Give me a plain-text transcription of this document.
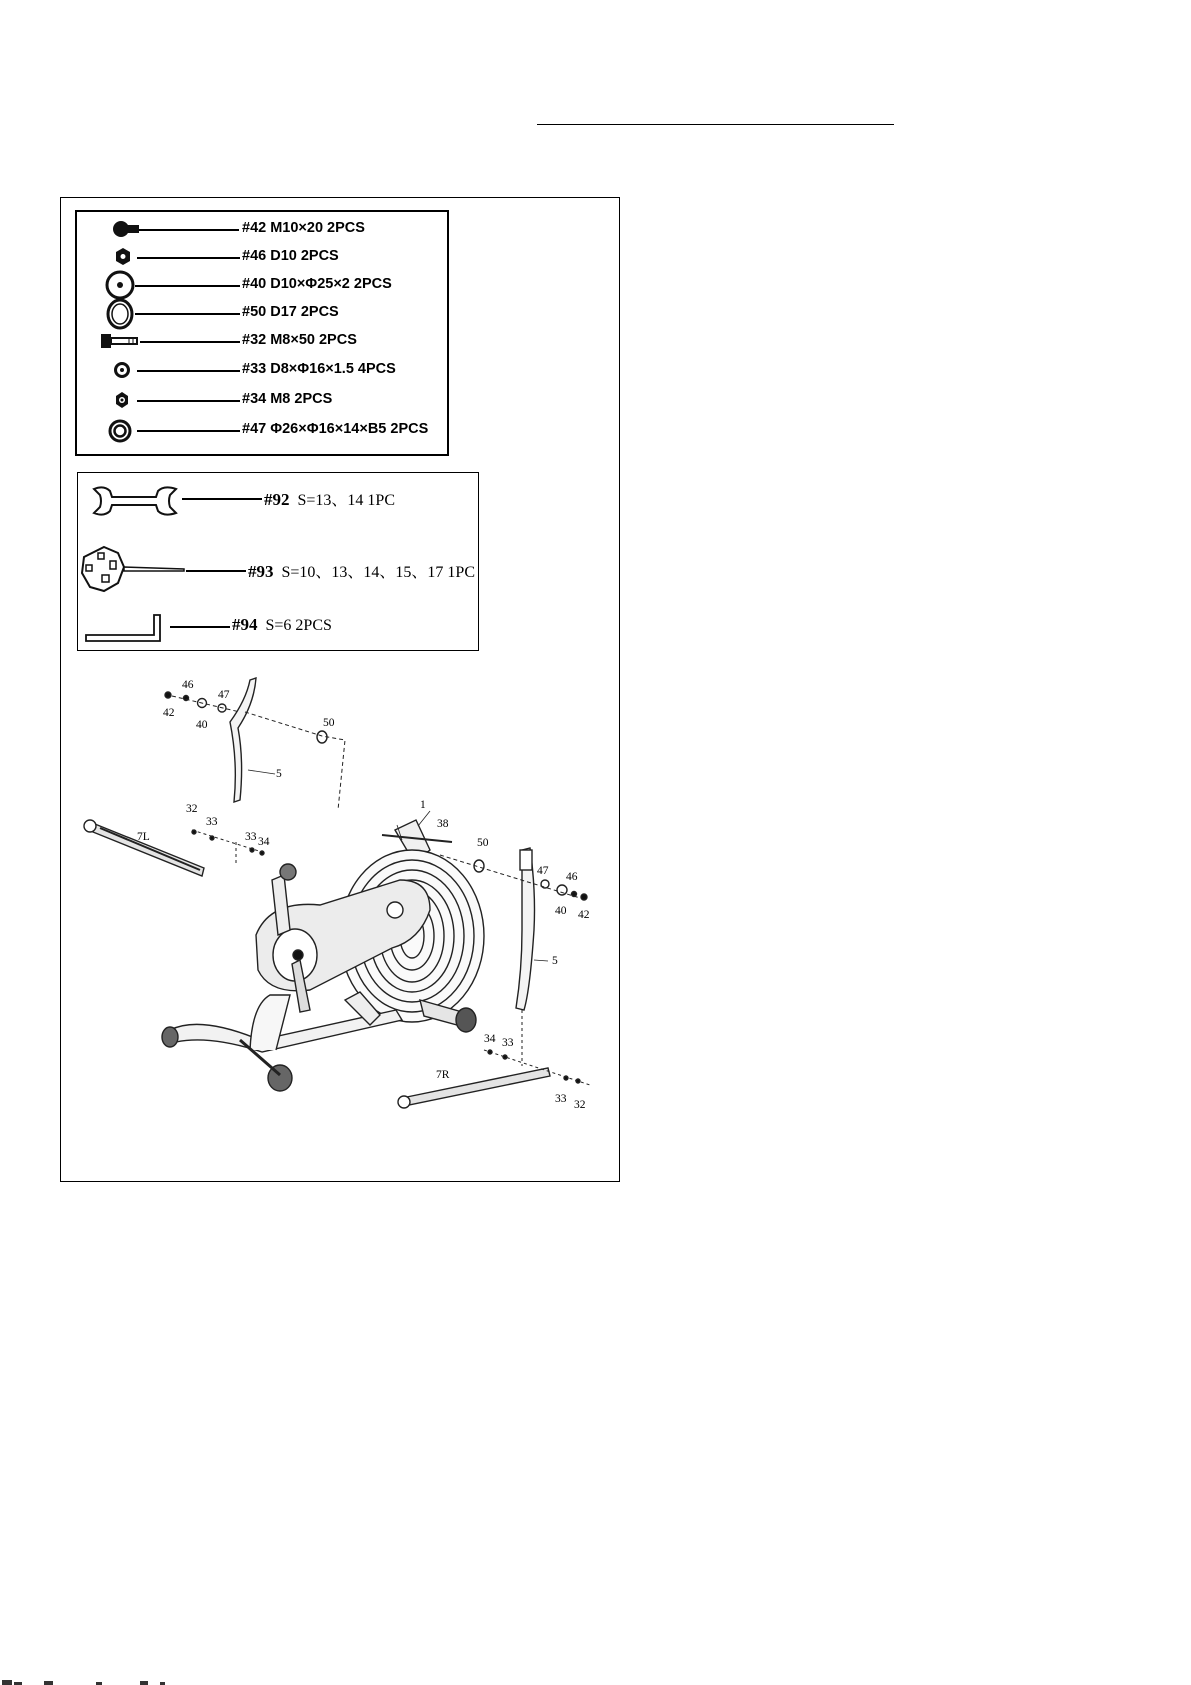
#42 M10×20 2PCS
#46 D10 2PCS
#40 D10×Φ25×2 2PCS
#50 D17 2PCS
#32 M8×50 2PCS
#33 D8×Φ16×1.5 4PCS
#34 M8 2PCS
#47 Φ26×Φ16×14×B5 2PCS
#92 S=13、14 1PC
#93 S=10、13、14、15、17 1PC
#94 S=6 2PCS
46
47
42
40	50
5
32
33
33 34
7L
1
38
50
47 46
40 42
5
34 33
7R
33 32
